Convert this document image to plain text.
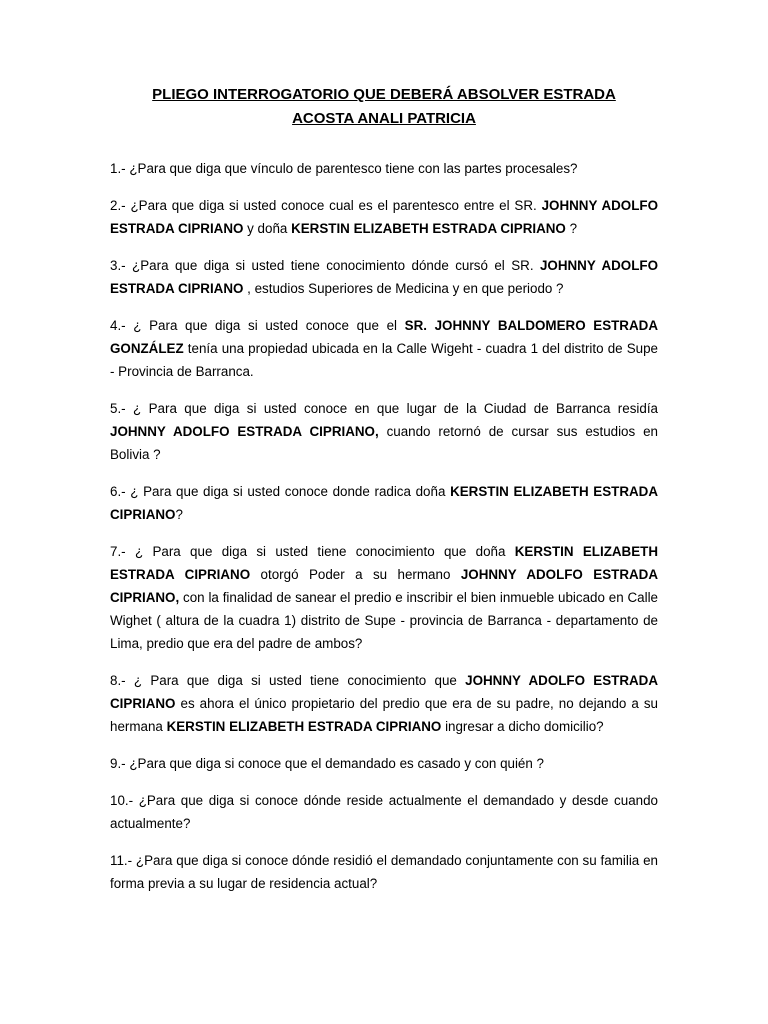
PLIEGO INTERROGATORIO QUE DEBERÁ ABSOLVER ESTRADA
ACOSTA ANALI PATRICIA

1.- ¿Para que diga que vínculo de parentesco tiene con las partes procesales?

2.- ¿Para que diga si usted conoce cual es el parentesco entre el SR. JOHNNY ADOLFO ESTRADA CIPRIANO y doña KERSTIN ELIZABETH ESTRADA CIPRIANO ?

3.- ¿Para que diga si usted tiene conocimiento dónde cursó el SR. JOHNNY ADOLFO ESTRADA CIPRIANO , estudios Superiores de Medicina y en que periodo ?

4.- ¿ Para que diga si usted conoce que el SR. JOHNNY BALDOMERO ESTRADA GONZÁLEZ tenía una propiedad ubicada en la Calle Wigeht - cuadra 1 del distrito de Supe - Provincia de Barranca.

5.- ¿ Para que diga si usted conoce en que lugar de la Ciudad de Barranca residía JOHNNY ADOLFO ESTRADA CIPRIANO, cuando retornó de cursar sus estudios en Bolivia ?

6.- ¿ Para que diga si usted conoce donde radica doña KERSTIN ELIZABETH ESTRADA CIPRIANO?

7.- ¿ Para que diga si usted tiene conocimiento que doña KERSTIN ELIZABETH ESTRADA CIPRIANO otorgó Poder a su hermano JOHNNY ADOLFO ESTRADA CIPRIANO, con la finalidad de sanear el predio e inscribir el bien inmueble ubicado en Calle Wighet ( altura de la cuadra 1) distrito de Supe - provincia de Barranca - departamento de Lima, predio que era del padre de ambos?

8.- ¿ Para que diga si usted tiene conocimiento que JOHNNY ADOLFO ESTRADA CIPRIANO es ahora el único propietario del predio que era de su padre, no dejando a su hermana KERSTIN ELIZABETH ESTRADA CIPRIANO ingresar a dicho domicilio?

9.- ¿Para que diga si conoce que el demandado es casado y con quién ?

10.- ¿Para que diga si conoce dónde reside actualmente el demandado y desde cuando actualmente?

11.- ¿Para que diga si conoce dónde residió el demandado conjuntamente con su familia en forma previa a su lugar de residencia actual?
